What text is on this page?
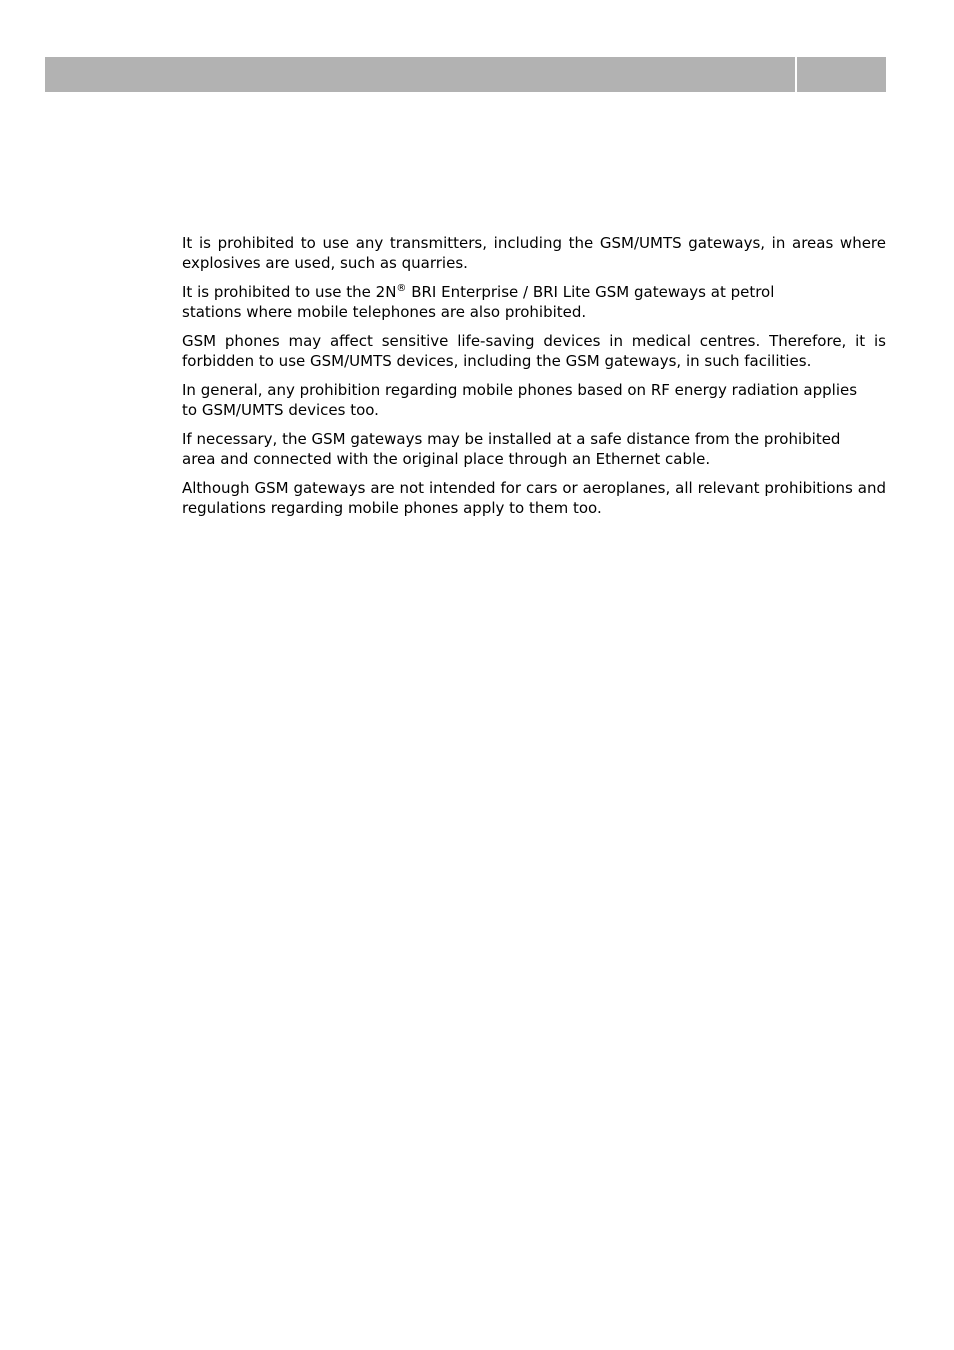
It is prohibited to use any transmitters, including the GSM/UMTS gateways, in areas where explosives are used, such as quarries.

It is prohibited to use the 2N® BRI Enterprise / BRI Lite GSM gateways at petrol stations where mobile telephones are also prohibited.

GSM phones may affect sensitive life-saving devices in medical centres. Therefore, it is forbidden to use GSM/UMTS devices, including the GSM gateways, in such facilities.

In general, any prohibition regarding mobile phones based on RF energy radiation applies to GSM/UMTS devices too.

If necessary, the GSM gateways may be installed at a safe distance from the prohibited area and connected with the original place through an Ethernet cable.

Although GSM gateways are not intended for cars or aeroplanes, all relevant prohibitions and regulations regarding mobile phones apply to them too.
